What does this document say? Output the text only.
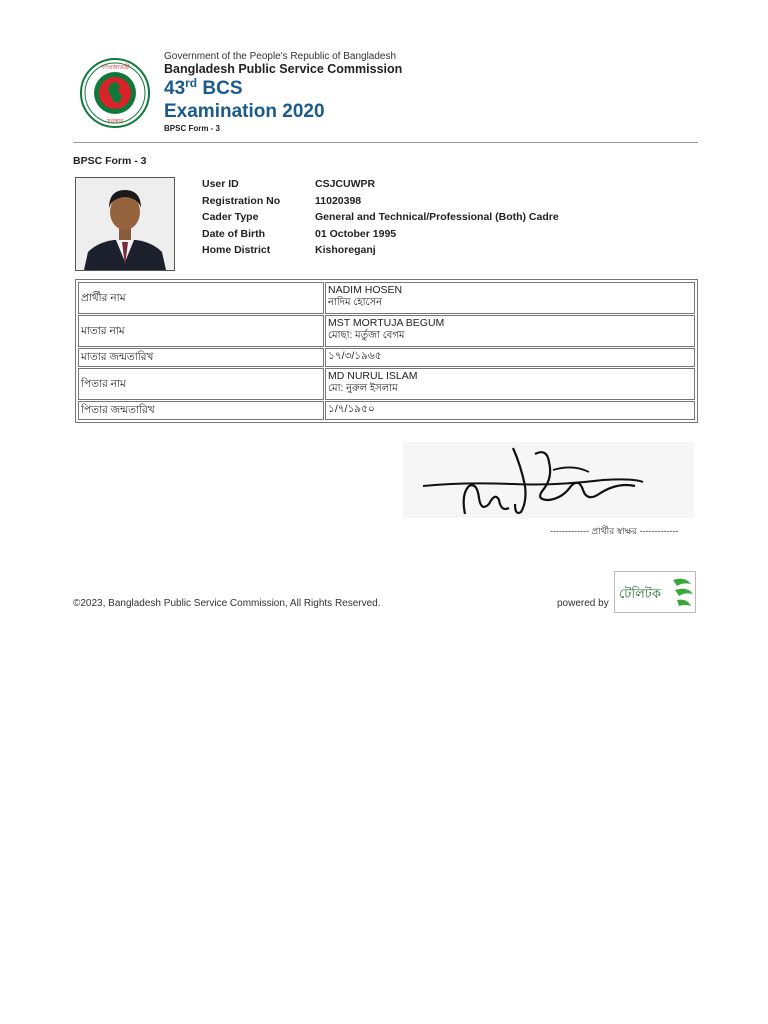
গণপ্রজাতন্ত্রী
সরকার
Government of the People's Republic of Bangladesh
Bangladesh Public Service Commission
43rd BCS
Examination 2020
BPSC Form - 3
BPSC Form - 3
User ID	CSJCUWPR
Registration No	11020398
Cader Type	General and Technical/Professional (Both) Cadre
Date of Birth	01 October 1995
Home District	Kishoreganj
প্রার্থীর নাম	NADIM HOSEN
নাদিম হোসেন

মাতার নাম	MST MORTUJA BEGUM
মোছা: মর্তুজা বেগম

মাতার জন্মতারিখ	১৭/৩/১৯৬৫
পিতার নাম	MD NURUL ISLAM
মো: নুরুল ইসলাম

পিতার জন্মতারিখ	১/৭/১৯৫০
------------- প্রার্থীর স্বাক্ষর -------------
©2023, Bangladesh Public Service Commission, All Rights Reserved.	powered by
টেলিটক
